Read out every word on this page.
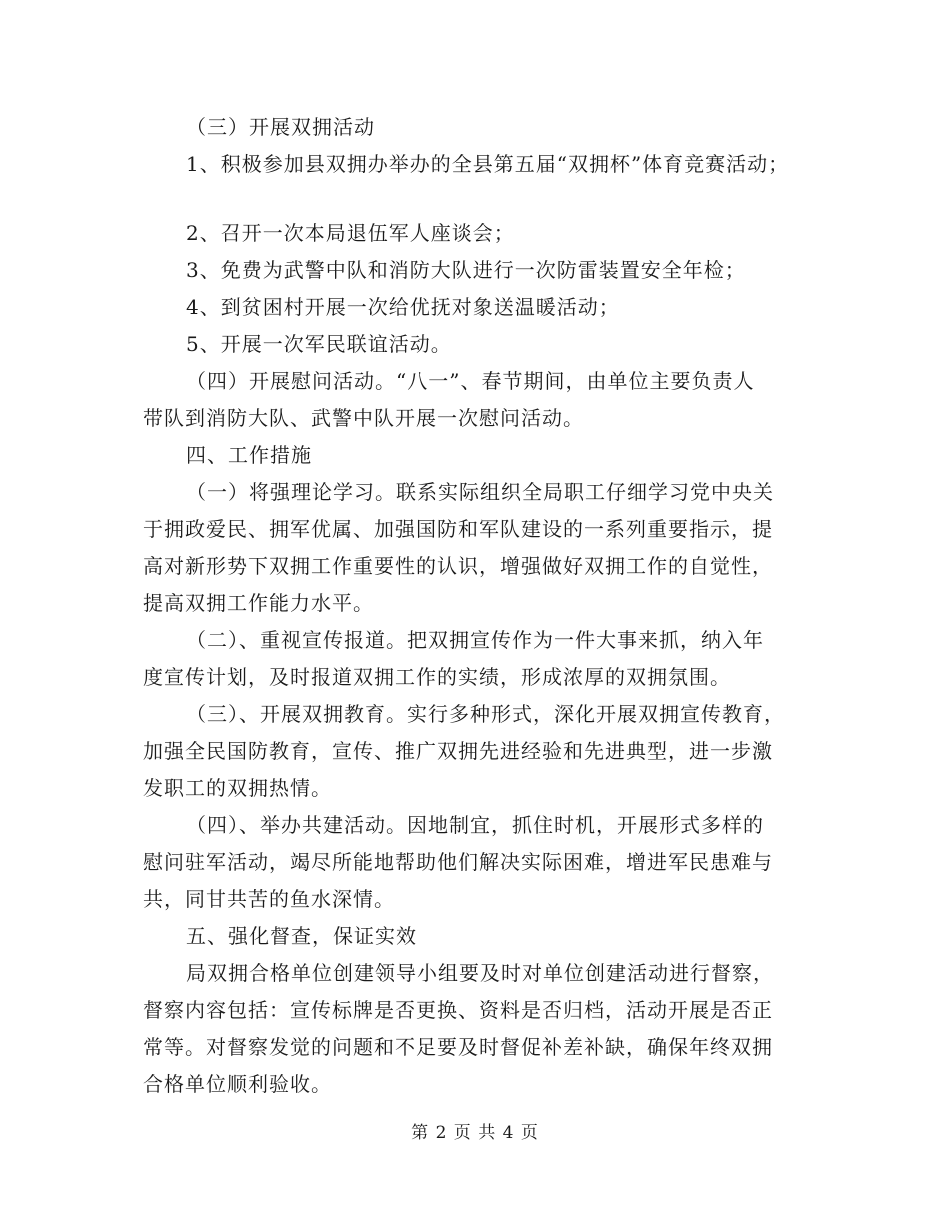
（三）开展双拥活动
1、积极参加县双拥办举办的全县第五届“双拥杯”体育竞赛活动；
2、召开一次本局退伍军人座谈会；
3、免费为武警中队和消防大队进行一次防雷装置安全年检；
4、到贫困村开展一次给优抚对象送温暖活动；
5、开展一次军民联谊活动。
（四）开展慰问活动。“八一”、春节期间，由单位主要负责人
带队到消防大队、武警中队开展一次慰问活动。
四、工作措施
（一）将强理论学习。联系实际组织全局职工仔细学习党中央关
于拥政爱民、拥军优属、加强国防和军队建设的一系列重要指示，提
高对新形势下双拥工作重要性的认识，增强做好双拥工作的自觉性，
提高双拥工作能力水平。
（二）、重视宣传报道。把双拥宣传作为一件大事来抓，纳入年
度宣传计划，及时报道双拥工作的实绩，形成浓厚的双拥氛围。
（三）、开展双拥教育。实行多种形式，深化开展双拥宣传教育，
加强全民国防教育，宣传、推广双拥先进经验和先进典型，进一步激
发职工的双拥热情。
（四）、举办共建活动。因地制宜，抓住时机，开展形式多样的
慰问驻军活动，竭尽所能地帮助他们解决实际困难，增进军民患难与
共，同甘共苦的鱼水深情。
五、强化督查，保证实效
局双拥合格单位创建领导小组要及时对单位创建活动进行督察，
督察内容包括：宣传标牌是否更换、资料是否归档，活动开展是否正
常等。对督察发觉的问题和不足要及时督促补差补缺，确保年终双拥
合格单位顺利验收。
第 2 页 共 4 页
